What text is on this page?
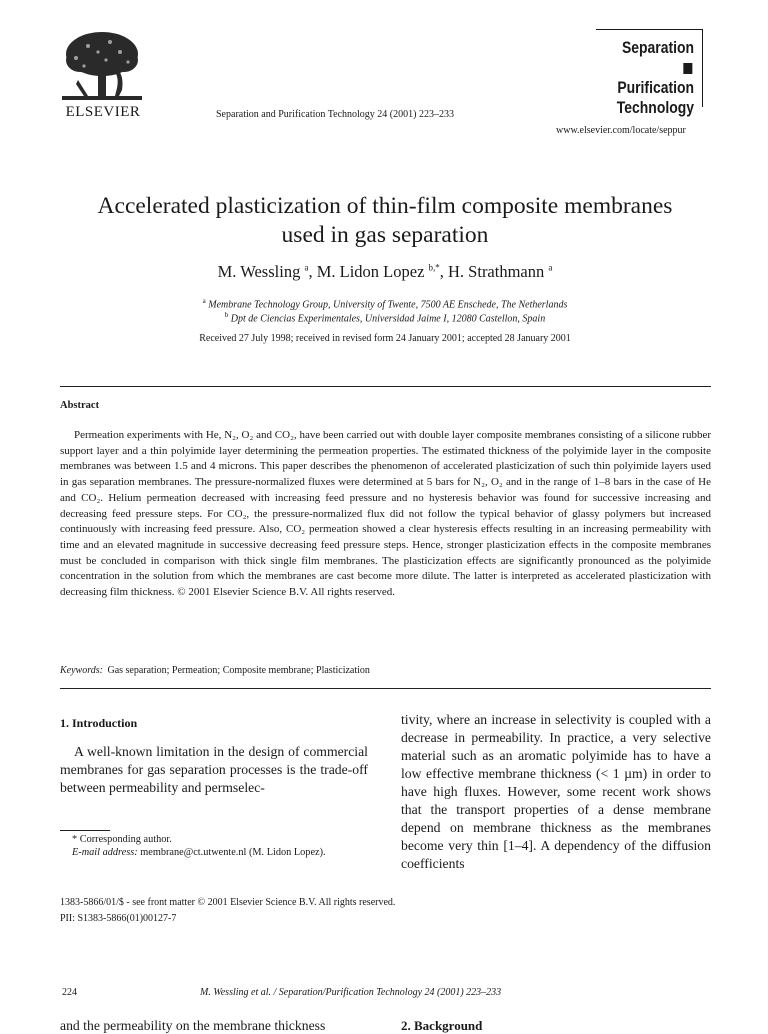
ELSEVIER	Separation and Purification Technology 24 (2001) 223–233
Separation
Purification
Technology
www.elsevier.com/locate/seppur
Accelerated plasticization of thin-film composite membranes
used in gas separation
M. Wessling $^a$, M. Lidon Lopez $^{b,*}$, H. Strathmann $^a$
$^a$ Membrane Technology Group, University of Twente, 7500 AE Enschede, The Netherlands
$^b$ Dpt de Ciencias Experimentales, Universidad Jaime I, 12080 Castellon, Spain
Received 27 July 1998; received in revised form 24 January 2001; accepted 28 January 2001
Abstract
Permeation experiments with He, N₂, O₂ and CO₂, have been carried out with double layer composite membranes consisting of a silicone rubber support layer and a thin polyimide layer determining the permeation properties. The estimated thickness of the polyimide layer in the composite membranes was between 1.5 and 4 microns. This paper describes the phenomenon of accelerated plasticization of such thin polyimide layers used in gas separation membranes. The pressure-normalized fluxes were determined at 5 bars for N₂, O₂ and in the range of 1–8 bars in the case of He and CO₂. Helium permeation decreased with increasing feed pressure and no hysteresis behavior was found for successive increasing and decreasing feed pressure steps. For CO₂, the pressure-normalized flux did not follow the typical behavior of glassy polymers but increased continuously with increasing feed pressure. Also, CO₂ permeation showed a clear hysteresis effects resulting in an increasing permeability with time and an elevated magnitude in successive decreasing feed pressure steps. Hence, stronger plasticization effects in the composite membranes must be concluded in comparison with thick single film membranes. The plasticization effects are significantly pronounced as the polyimide concentration in the solution from which the membranes are cast become more dilute. The latter is interpreted as accelerated plasticization with decreasing film thickness. © 2001 Elsevier Science B.V. All rights reserved.
Keywords: Gas separation; Permeation; Composite membrane; Plasticization
1. Introduction
A well-known limitation in the design of commercial membranes for gas separation processes is the trade-off between permeability and permselec-
tivity, where an increase in selectivity is coupled with a decrease in permeability. In practice, a very selective material such as an aromatic polyimide has to have a low effective membrane thickness (< 1 µm) in order to have high fluxes. However, some recent work shows that the transport properties of a dense membrane depend on membrane thickness as the membranes become very thin [1–4]. A dependency of the diffusion coefficients
* Corresponding author.
E-mail address: membrane@ct.utwente.nl (M. Lidon Lopez).
1383-5866/01/$ - see front matter © 2001 Elsevier Science B.V. All rights reserved.
PII: S1383-5866(01)00127-7
224	M. Wessling et al. / Separation/Purification Technology 24 (2001) 223–233
and the permeability on the membrane thickness	2. Background
